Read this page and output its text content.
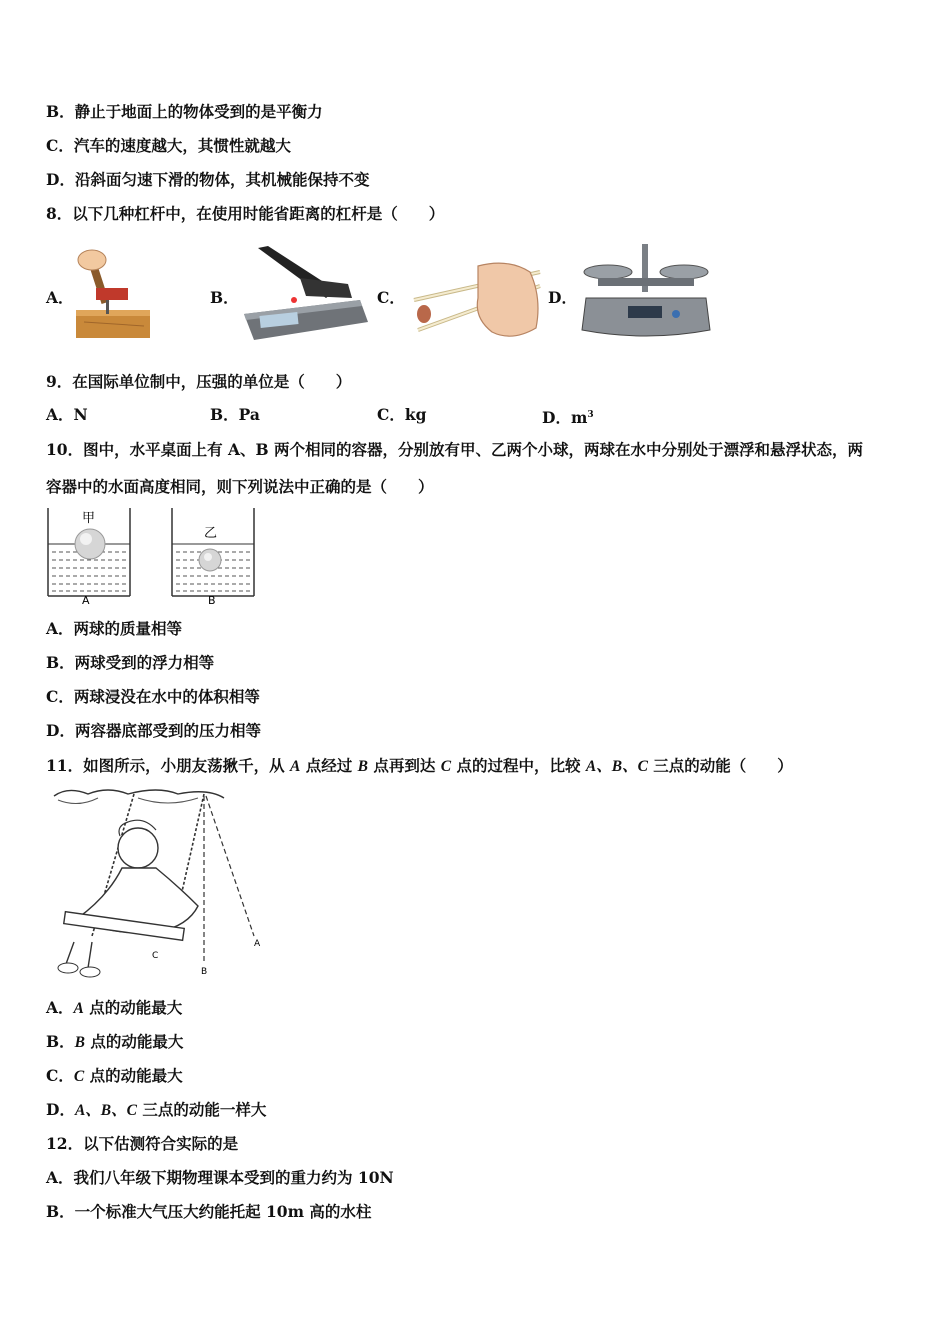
B．静止于地面上的物体受到的是平衡力
C．汽车的速度越大，其惯性就越大
D．沿斜面匀速下滑的物体，其机械能保持不变
8．以下几种杠杆中，在使用时能省距离的杠杆是（　　）
A．	B．	C．	D．
9．在国际单位制中，压强的单位是（　　）
A．N	B．Pa	C．kg	D．$m^3$
10．图中，水平桌面上有 A、B 两个相同的容器，分别放有甲、乙两个小球，两球在水中分别处于漂浮和悬浮状态，两
容器中的水面高度相同，则下列说法中正确的是（　　）
甲
A
乙
B
A．两球的质量相等
B．两球受到的浮力相等
C．两球浸没在水中的体积相等
D．两容器底部受到的压力相等
11．如图所示，小朋友荡揪千，从 A 点经过 B 点再到达 C 点的过程中，比较 A、B、C 三点的动能（　　）
C
B
A
A．A 点的动能最大
B．B 点的动能最大
C．C 点的动能最大
D．A、B、C 三点的动能一样大
12．以下估测符合实际的是
A．我们八年级下期物理课本受到的重力约为 10N
B．一个标准大气压大约能托起 10m 高的水柱
